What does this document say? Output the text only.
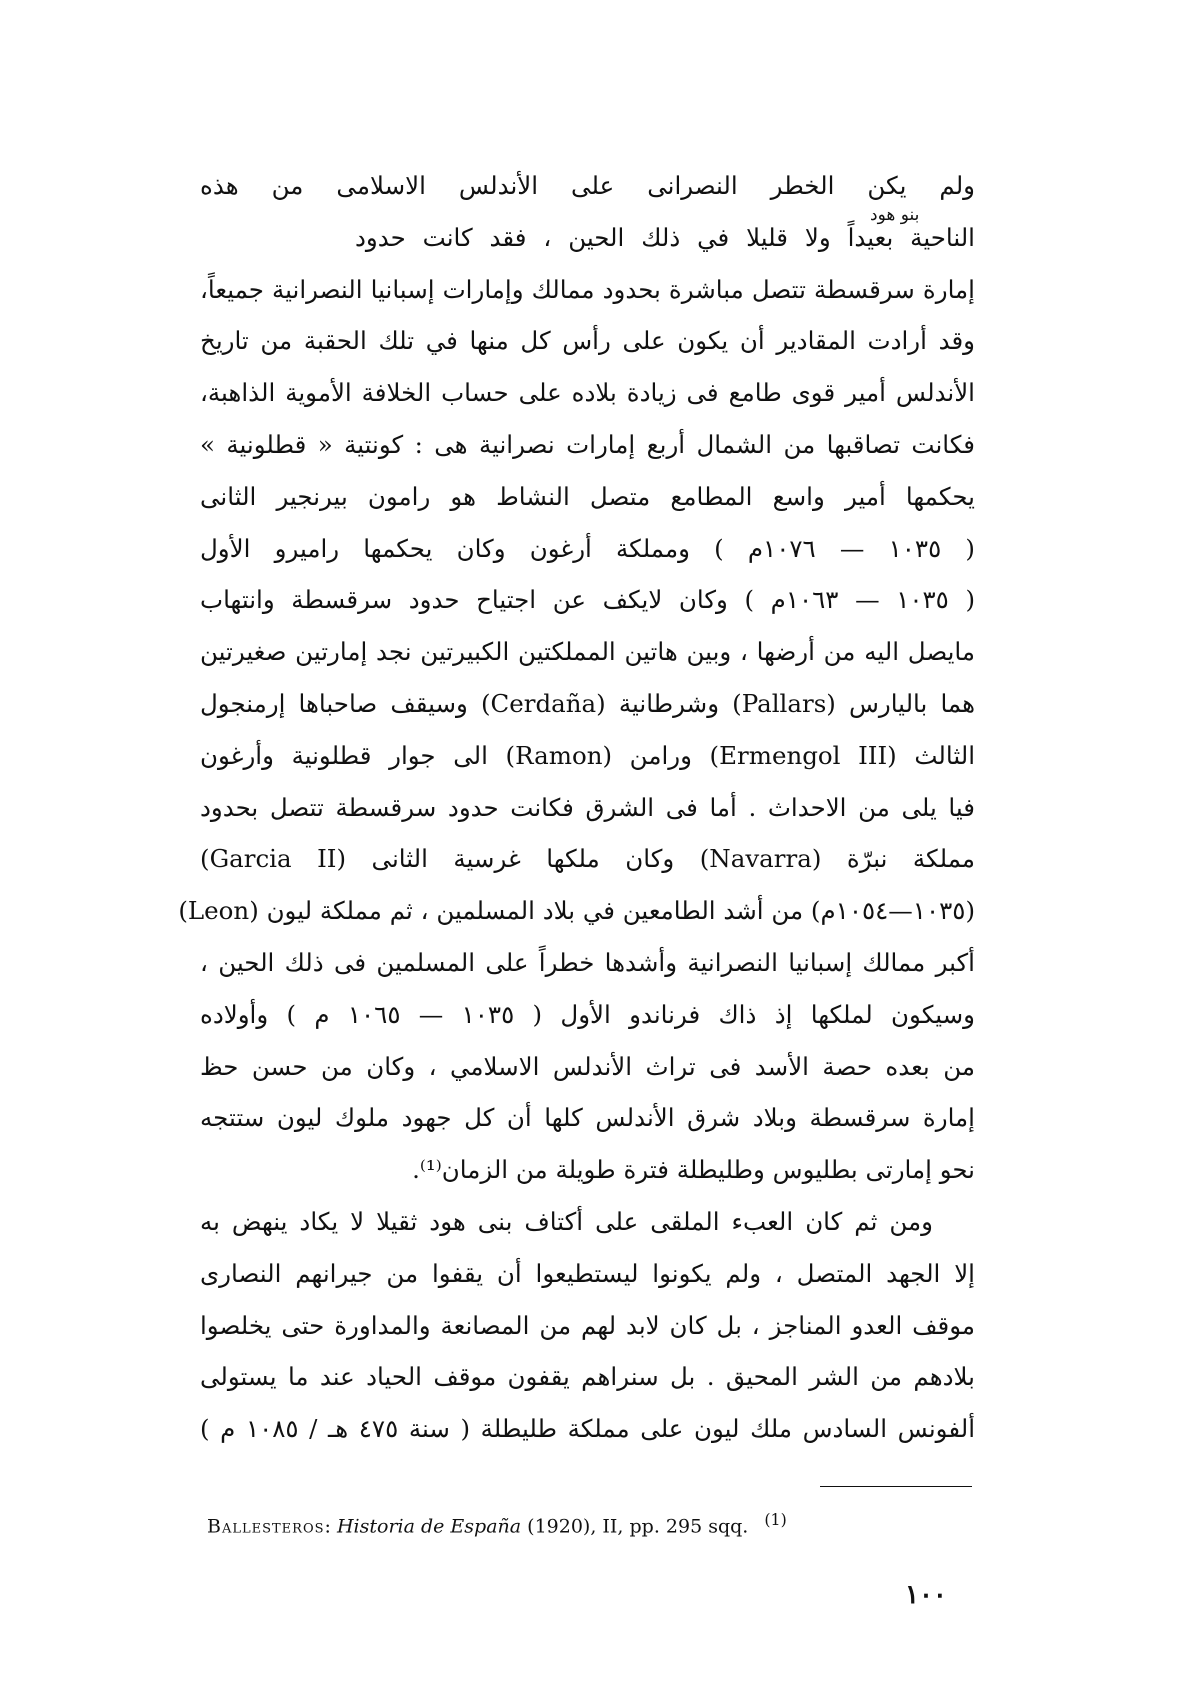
بنو هود
ولم يكن الخطر النصرانى على الأندلس الاسلامى من هذه
الناحية بعيداً ولا قليلا في ذلك الحين ، فقد كانت حدود
إمارة سرقسطة تتصل مباشرة بحدود ممالك وإمارات إسبانيا النصرانية جميعاً،
وقد أرادت المقادير أن يكون على رأس كل منها في تلك الحقبة من تاريخ
الأندلس أمير قوى طامع فى زيادة بلاده على حساب الخلافة الأموية الذاهبة،
فكانت تصاقبها من الشمال أربع إمارات نصرانية هى : كونتية « قطلونية »
يحكمها أمير واسع المطامع متصل النشاط هو رامون بيرنجير الثانى
( ١٠٣٥ — ١٠٧٦م ) ومملكة أرغون وكان يحكمها راميرو الأول
( ١٠٣٥ — ١٠٦٣م ) وكان لايكف عن اجتياح حدود سرقسطة وانتهاب
مايصل اليه من أرضها ، وبين هاتين المملكتين الكبيرتين نجد إمارتين صغيرتين
هما باليارس (Pallars) وشرطانية (Cerdaña) وسيقف صاحباها إرمنجول
الثالث (Ermengol III) ورامن (Ramon) الى جوار قطلونية وأرغون
فيا يلى من الاحداث . أما فى الشرق فكانت حدود سرقسطة تتصل بحدود
مملكة نبرّة (Navarra) وكان ملكها غرسية الثانى (Garcia II)
(١٠٣٥—١٠٥٤م) من أشد الطامعين في بلاد المسلمين ، ثم مملكة ليون (Leon)
أكبر ممالك إسبانيا النصرانية وأشدها خطراً على المسلمين فى ذلك الحين ،
وسيكون لملكها إذ ذاك فرناندو الأول ( ١٠٣٥ — ١٠٦٥ م ) وأولاده
من بعده حصة الأسد فى تراث الأندلس الاسلامي ، وكان من حسن حظ
إمارة سرقسطة وبلاد شرق الأندلس كلها أن كل جهود ملوك ليون ستتجه
نحو إمارتى بطليوس وطليطلة فترة طويلة من الزمان⁽¹⁾.
ومن ثم كان العبء الملقى على أكتاف بنى هود ثقيلا لا يكاد ينهض به
إلا الجهد المتصل ، ولم يكونوا ليستطيعوا أن يقفوا من جيرانهم النصارى
موقف العدو المناجز ، بل كان لابد لهم من المصانعة والمداورة حتى يخلصوا
بلادهم من الشر المحيق . بل سنراهم يقفون موقف الحياد عند ما يستولى
ألفونس السادس ملك ليون على مملكة طليطلة ( سنة ٤٧٥ هـ / ١٠٨٥ م )
Ballesteros: Historia de España (1920), II, pp. 295 sqq. $^{(1)}$
١٠٠
